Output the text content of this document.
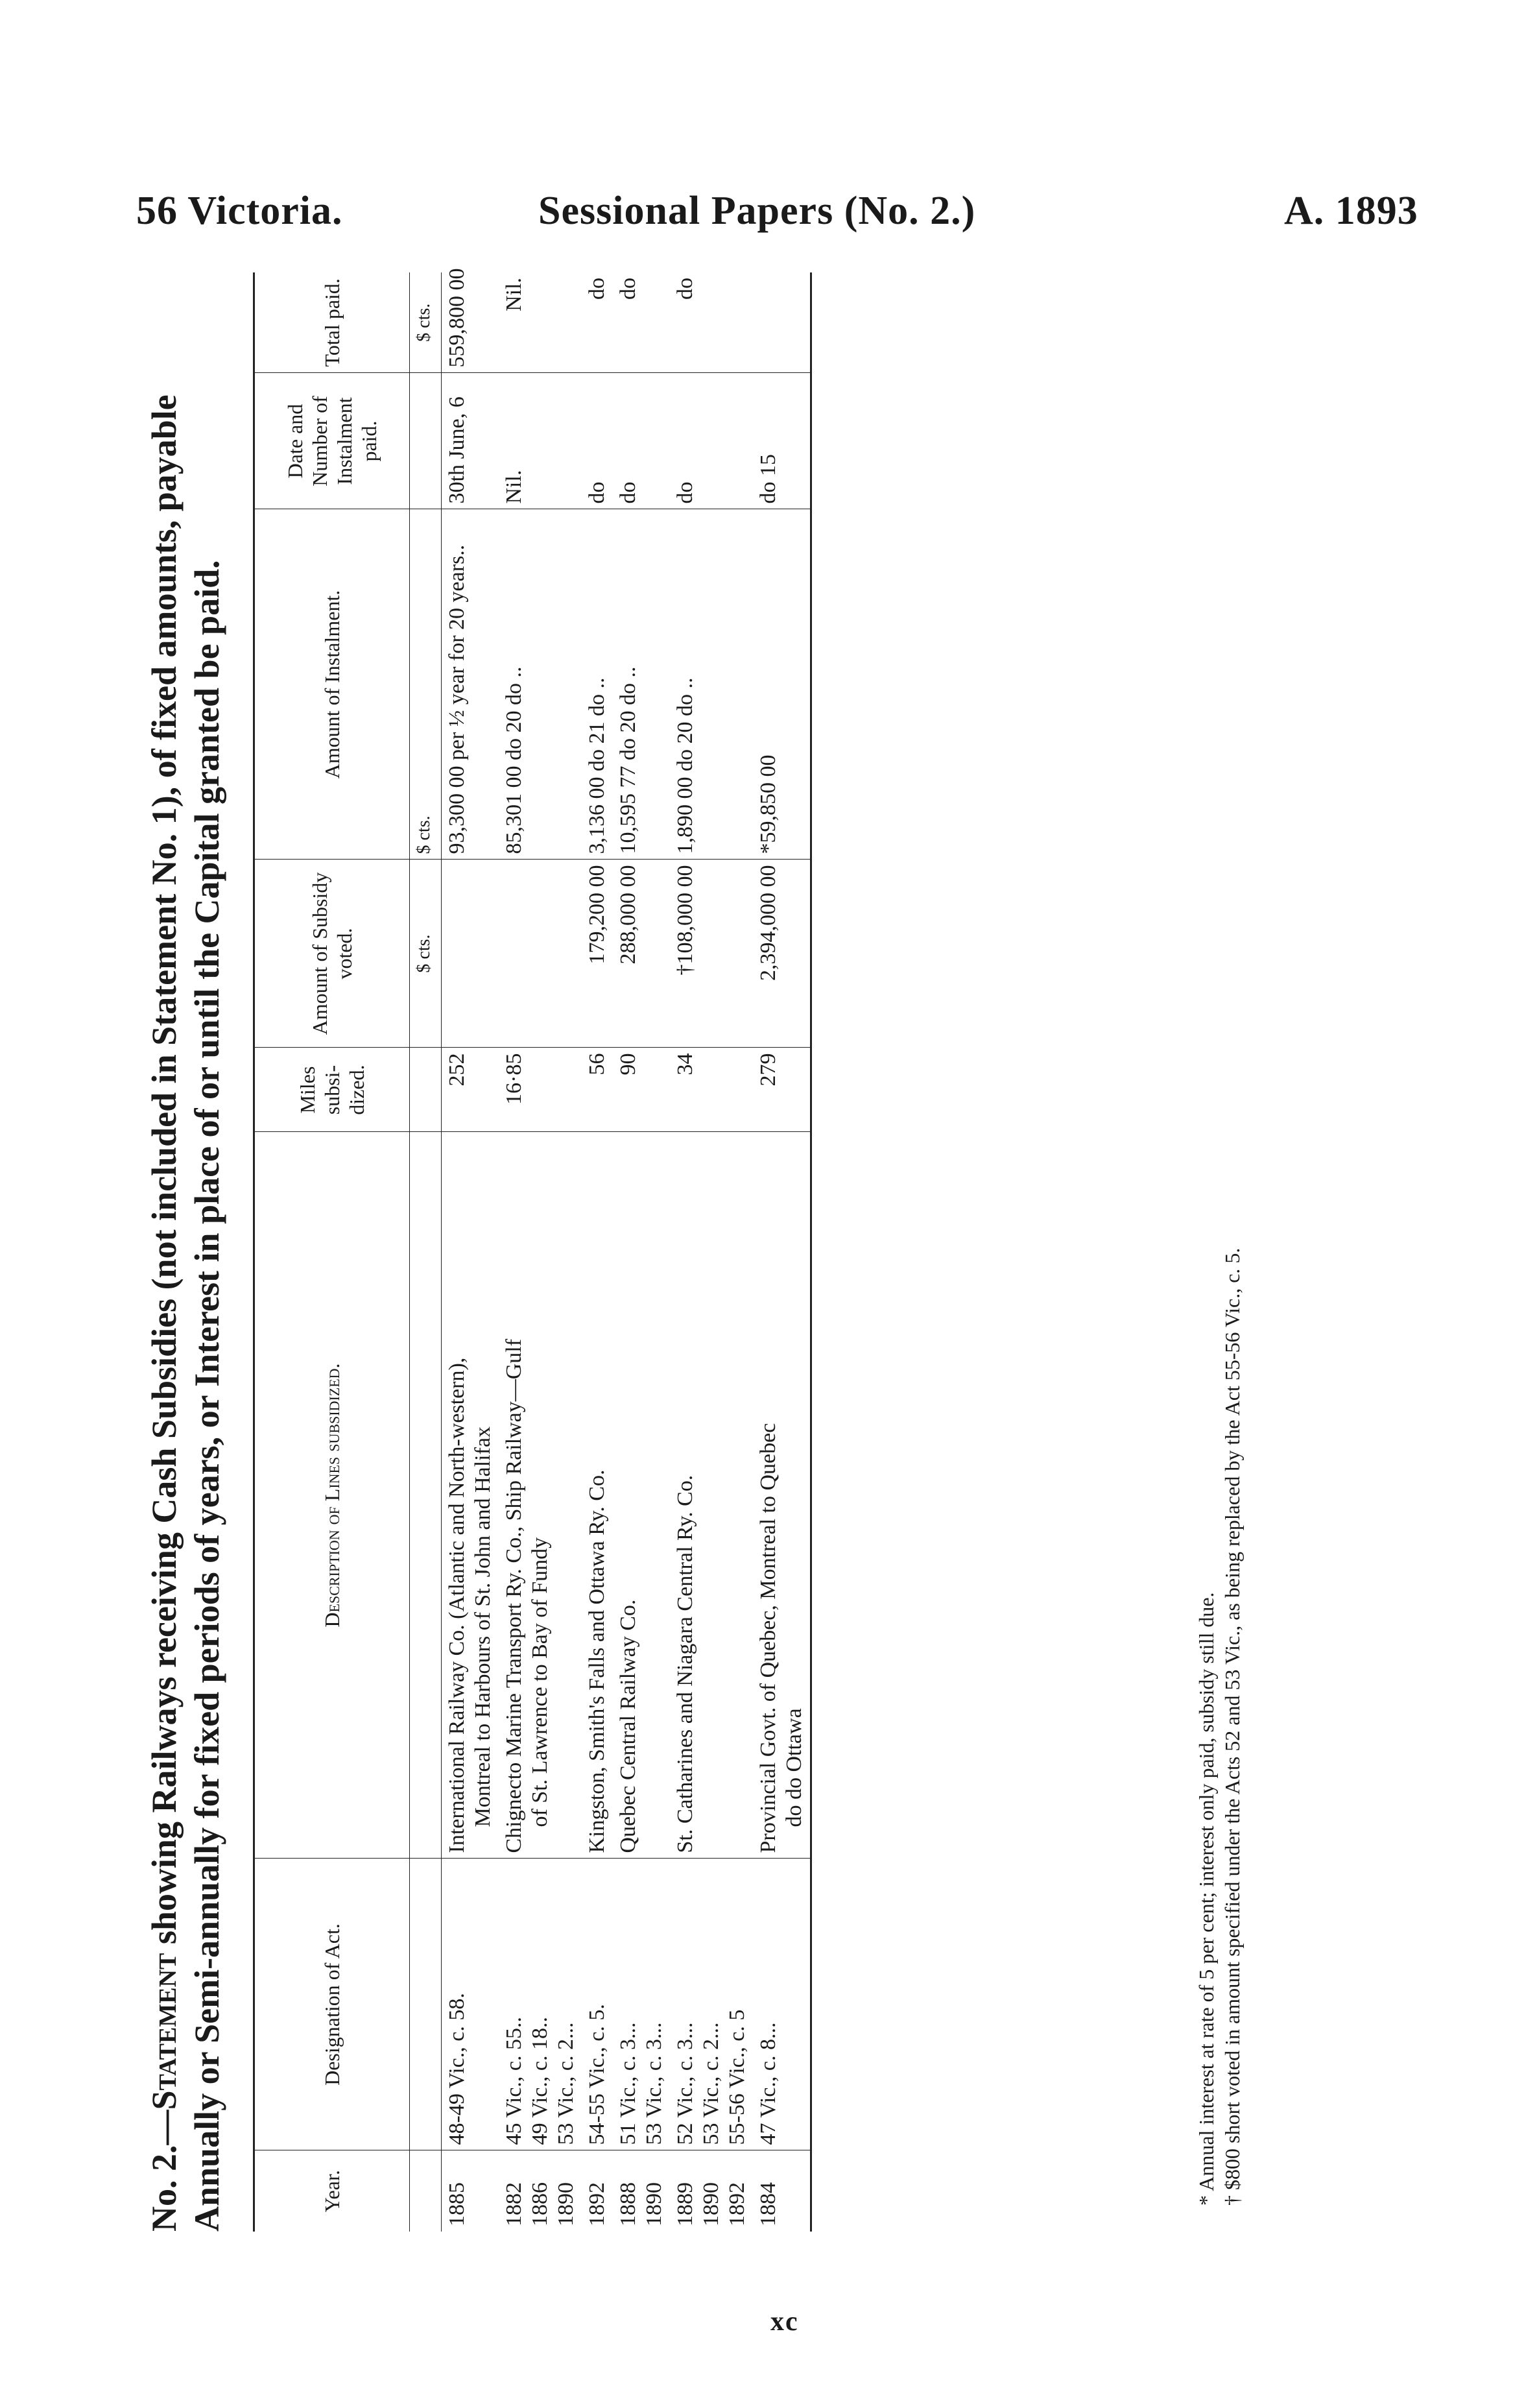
56 Victoria.	Sessional Papers (No. 2.)	A. 1893
No. 2.—Statement showing Railways receiving Cash Subsidies (not included in Statement No. 1), of fixed amounts, payable Annually or Semi-annually for fixed periods of years, or Interest in place of or until the Capital granted be paid.	Year.	Designation of Act.	Description of Lines subsidized.	Miles subsi-dized.	Amount of Subsidy voted.	Amount of Instalment.	Date and Number of Instalment paid.	Total paid.
				$ cts.	$ cts.		$ cts.

1885	48-49 Vic., c. 58.	International Railway Co. (Atlantic and North-western), Montreal to Harbours of St. John and Halifax	252		93,300 00 per ½ year for 20 years..	30th June, 6	559,800 00

1882 1886 1890	45 Vic., c. 55.. 49 Vic., c. 18.. 53 Vic., c. 2...	Chignecto Marine Transport Ry. Co., Ship Railway—Gulf of St. Lawrence to Bay of Fundy	16·85		85,301 00 do 20 do ..	Nil.	Nil.

1892	54-55 Vic., c. 5.	Kingston, Smith's Falls and Ottawa Ry. Co.	56	179,200 00	3,136 00 do 21 do ..	do	do

1888 1890	51 Vic., c. 3... 53 Vic., c. 3...	Quebec Central Railway Co.	90	288,000 00	10,595 77 do 20 do ..	do	do

1889 1890 1892	52 Vic., c. 3... 53 Vic., c. 2... 55-56 Vic., c. 5	St. Catharines and Niagara Central Ry. Co.	34	†108,000 00	1,890 00 do 20 do ..	do	do

1884	47 Vic., c. 8...	Provincial Govt. of Quebec, Montreal to Quebec do do Ottawa	279	2,394,000 00	*59,850 00	do 15	
* Annual interest at rate of 5 per cent; interest only paid, subsidy still due. † $800 short voted in amount specified under the Acts 52 and 53 Vic., as being replaced by the Act 55-56 Vic., c. 5.
xc
